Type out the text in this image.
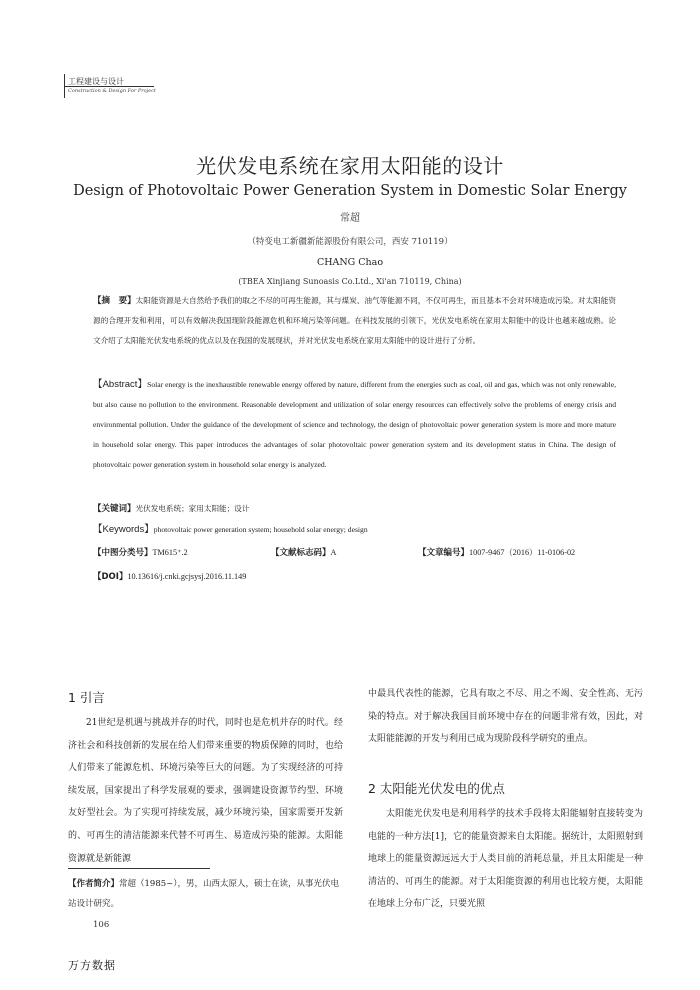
工程建设与设计
Construction & Design For Project
光伏发电系统在家用太阳能的设计
Design of Photovoltaic Power Generation System in Domestic Solar Energy
常超
（特变电工新疆新能源股份有限公司，西安 710119）
CHANG Chao
(TBEA Xinjiang Sunoasis Co.Ltd., Xi'an 710119, China)
【摘　要】太阳能资源是大自然给予我们的取之不尽的可再生能源，其与煤炭、油气等能源不同，不仅可再生，而且基本不会对环境造成污染。对太阳能资源的合理开发和利用，可以有效解决我国现阶段能源危机和环境污染等问题。在科技发展的引领下，光伏发电系统在家用太阳能中的设计也越来越成熟。论文介绍了太阳能光伏发电系统的优点以及在我国的发展现状，并对光伏发电系统在家用太阳能中的设计进行了分析。
【Abstract】Solar energy is the inexhaustible renewable energy offered by nature, different from the energies such as coal, oil and gas, which was not only renewable, but also cause no pollution to the environment. Reasonable development and utilization of solar energy resources can effectively solve the problems of energy crisis and environmental pollution. Under the guidance of the development of science and technology, the design of photovoltaic power generation system is more and more mature in household solar energy. This paper introduces the advantages of solar photovoltaic power generation system and its development status in China. The design of photovoltaic power generation system in household solar energy is analyzed.
【关键词】光伏发电系统；家用太阳能；设计
【Keywords】photovoltaic power generation system; household solar energy; design
【中图分类号】TM615⁺.2	【文献标志码】A	【文章编号】1007-9467（2016）11-0106-02
【DOI】10.13616/j.cnki.gcjsysj.2016.11.149
1 引言
21世纪是机遇与挑战并存的时代，同时也是危机并存的时代。经济社会和科技创新的发展在给人们带来重要的物质保障的同时，也给人们带来了能源危机、环境污染等巨大的问题。为了实现经济的可持续发展，国家提出了科学发展观的要求，强调建设资源节约型、环境友好型社会。为了实现可持续发展，减少环境污染，国家需要开发新的、可再生的清洁能源来代替不可再生、易造成污染的能源。太阳能资源就是新能源
【作者简介】常超（1985~），男，山西太原人，硕士在读，从事光伏电站设计研究。
106
中最具代表性的能源，它具有取之不尽、用之不竭、安全性高、无污染的特点。对于解决我国目前环境中存在的问题非常有效，因此，对太阳能能源的开发与利用已成为现阶段科学研究的重点。
2 太阳能光伏发电的优点
太阳能光伏发电是利用科学的技术手段将太阳能辐射直接转变为电能的一种方法[1]，它的能量资源来自太阳能。据统计，太阳照射到地球上的能量资源远远大于人类目前的消耗总量，并且太阳能是一种清洁的、可再生的能源。对于太阳能资源的利用也比较方便，太阳能在地球上分布广泛，只要光照
万方数据
